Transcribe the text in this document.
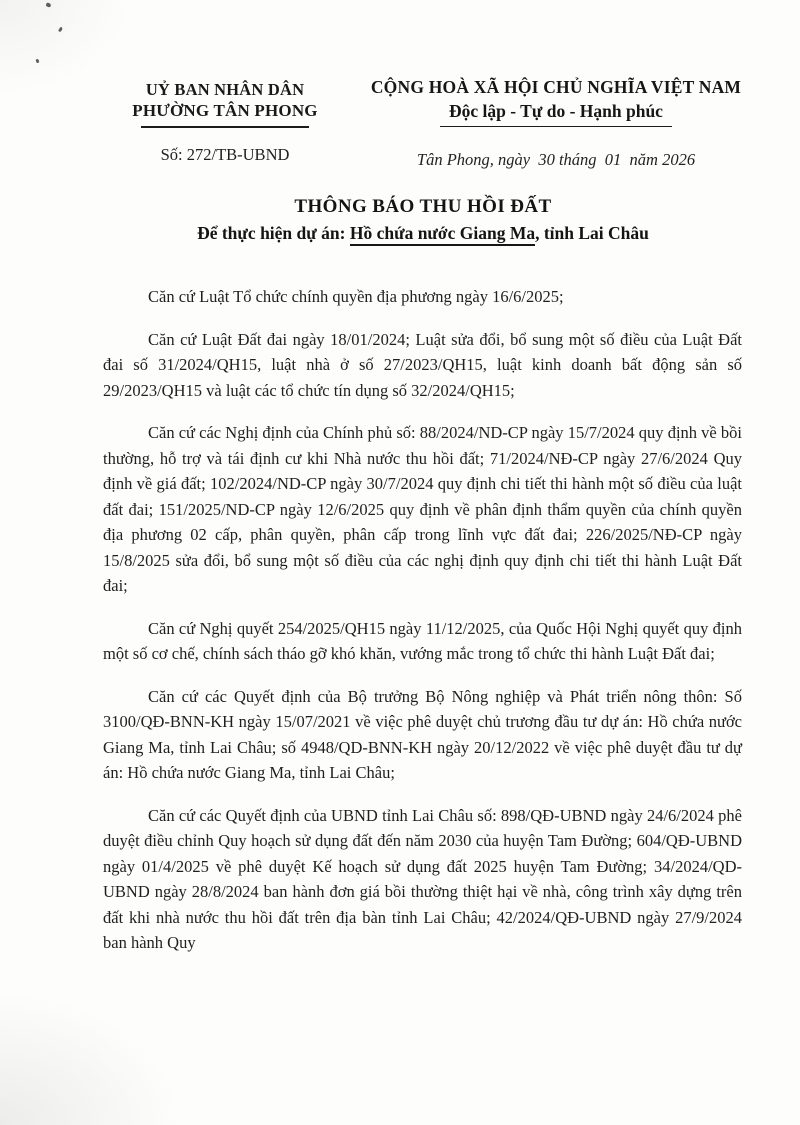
UỶ BAN NHÂN DÂN
PHƯỜNG TÂN PHONG
Số: 272/TB-UBND
CỘNG HOÀ XÃ HỘI CHỦ NGHĨA VIỆT NAM
Độc lập - Tự do - Hạnh phúc
Tân Phong, ngày  30 tháng  01  năm 2026

THÔNG BÁO THU HỒI ĐẤT

Để thực hiện dự án: Hồ chứa nước Giang Ma, tỉnh Lai Châu

Căn cứ Luật Tổ chức chính quyền địa phương ngày 16/6/2025;

Căn cứ Luật Đất đai ngày 18/01/2024; Luật sửa đổi, bổ sung một số điều của Luật Đất đai số 31/2024/QH15, luật nhà ở số 27/2023/QH15, luật kinh doanh bất động sản số 29/2023/QH15 và luật các tổ chức tín dụng số 32/2024/QH15;

Căn cứ các Nghị định của Chính phủ số: 88/2024/ND-CP ngày 15/7/2024 quy định về bồi thường, hỗ trợ và tái định cư khi Nhà nước thu hồi đất; 71/2024/NĐ-CP ngày 27/6/2024 Quy định về giá đất; 102/2024/ND-CP ngày 30/7/2024 quy định chi tiết thi hành một số điều của luật đất đai; 151/2025/ND-CP ngày 12/6/2025 quy định về phân định thẩm quyền của chính quyền địa phương 02 cấp, phân quyền, phân cấp trong lĩnh vực đất đai; 226/2025/NĐ-CP ngày 15/8/2025 sửa đổi, bổ sung một số điều của các nghị định quy định chi tiết thi hành Luật Đất đai;

Căn cứ Nghị quyết 254/2025/QH15 ngày 11/12/2025, của Quốc Hội Nghị quyết quy định một số cơ chế, chính sách tháo gỡ khó khăn, vướng mắc trong tổ chức thi hành Luật Đất đai;

Căn cứ các Quyết định của Bộ trưởng Bộ Nông nghiệp và Phát triển nông thôn: Số 3100/QĐ-BNN-KH ngày 15/07/2021 về việc phê duyệt chủ trương đầu tư dự án: Hồ chứa nước Giang Ma, tỉnh Lai Châu; số 4948/QD-BNN-KH ngày 20/12/2022 về việc phê duyệt đầu tư dự án: Hồ chứa nước Giang Ma, tỉnh Lai Châu;

Căn cứ các Quyết định của UBND tỉnh Lai Châu số: 898/QĐ-UBND ngày 24/6/2024 phê duyệt điều chỉnh Quy hoạch sử dụng đất đến năm 2030 của huyện Tam Đường; 604/QĐ-UBND ngày 01/4/2025 về phê duyệt Kế hoạch sử dụng đất 2025 huyện Tam Đường; 34/2024/QD-UBND ngày 28/8/2024 ban hành đơn giá bồi thường thiệt hại về nhà, công trình xây dựng trên đất khi nhà nước thu hồi đất trên địa bàn tỉnh Lai Châu; 42/2024/QĐ-UBND ngày 27/9/2024 ban hành Quy
